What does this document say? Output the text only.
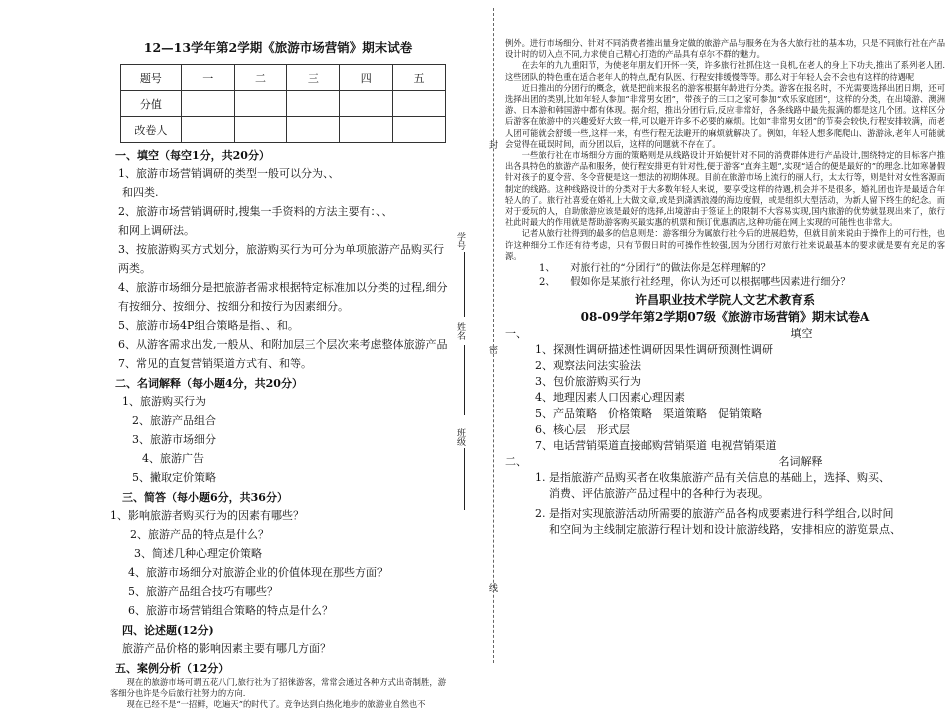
12—13学年第2学期《旅游市场营销》期末试卷
题号	一	二	三	四	五
分值					
改卷人					
一、填空（每空1分，共20分）
1、旅游市场营销调研的类型一般可以分为、、
和四类.
2、旅游市场营销调研时,搜集一手资料的方法主要有：、、
和网上调研法。
3、按旅游购买方式划分，旅游购买行为可分为单项旅游产品购买行
两类。
4、旅游市场细分是把旅游者需求根据特定标准加以分类的过程,细分
有按细分、按细分、按细分和按行为因素细分。
5、旅游市场4P组合策略是指、、和。
6、从游客需求出发,一般从、和附加层三个层次来考虑整体旅游产品
7、常见的直复营销渠道方式有、和等。
二、名词解释（每小题4分，共20分）
1、旅游购买行为
2、旅游产品组合
3、旅游市场细分
4、旅游广告
5、撇取定价策略
三、简答（每小题6分，共36分）
1、影响旅游者购买行为的因素有哪些？
2、旅游产品的特点是什么？
3、简述几种心理定价策略
4、旅游市场细分对旅游企业的价值体现在那些方面？
5、旅游产品组合技巧有哪些？
6、旅游市场营销组合策略的特点是什么？
四、论述题(12分)
旅游产品价格的影响因素主要有哪几方面？
五、案例分析（12分）
现在的旅游市场可谓五花八门,旅行社为了招徕游客，常常会通过各种方式出奇制胜，游客细分也许是今后旅行社努力的方向.
现在已经不是“一招鲜，吃遍天”的时代了。竞争达到白热化地步的旅游业自然也不
封
学号
姓名
密
班级
线
例外。进行市场细分、针对不同消费者推出量身定做的旅游产品与服务在为各大旅行社的基本功，只是不同旅行社在产品设计时的切入点不同,力求使自己精心打造的产品具有卓尔不群的魅力。
在去年的九九重阳节，为使老年朋友们开怀一笑，许多旅行社抓住这一良机,在老人的身上下功夫,推出了系列老人团.这些团队的特色重在适合老年人的特点,配有队医、行程安排缓慢等等。那么对于年轻人会不会也有这样的待遇呢
近日推出的分团行的概念，就是把前来报名的游客根据年龄进行分类。游客在报名时，不光需要选择出团日期，还可选择出团的类别,比如年轻人参加“非常男女团”，带孩子的三口之家可参加“欢乐家庭团”，这样的分类，在出境游、澳洲游、日本游和韩国游中都有体现。据介绍，推出分团行后,反应非常好，各条线路中最先报满的都是这几个团。这样区分后游客在旅游中的兴趣爱好大致一样,可以避开许多不必要的麻烦。比如“非常男女团”的节奏会较快,行程安排较满，而老人团可能就会舒缓一些,这样一来，有些行程无法避开的麻烦就解决了。例如，年轻人想多爬爬山、游游泳,老年人可能就会觉得在砥误时间，而分团以后，这样的问题就不存在了。
一些旅行社在市场细分方面的策略则是从线路设计开始便针对不同的消费群体进行产品设计,围绕特定的目标客户推出各具特色的旅游产品和服务，使行程安排更有针对性,便于游客“直奔主题”,实现“适合的便是最好的”的理念.比如寒暑假针对孩子的夏令营、冬令营便是这一想法的初期体现。目前在旅游市场上流行的丽人行，太太行等，则是针对女性客源而制定的线路。这种线路设计的分类对于大多数年轻人来说，要享受这样的待遇,机会并不是很多，婚礼团也许是最适合年轻人的了。旅行社喜爱在婚礼上大做文章,或是到潇洒浪漫的海边度假，或是组织大型活动，为新人留下终生的纪念。而对于爱玩的人，自助旅游应该是最好的选择,出境游由于签证上的限制不大容易实现,国内旅游的优势就显现出来了，旅行社此时最大的作用就是帮助游客购买最实惠的机票和预订优惠酒店,这种功能在网上实现的可能性也非常大。
记者从旅行社得到的最多的信息则是：游客细分为属旅行社今后的进展趋势，但就目前来说由于操作上的可行性，也许这种细分工作还有待考虑，只有节假日时的可操作性较强,因为分团行对旅行社来说最基本的要求就是要有充足的客源。
1、　　对旅行社的“分团行”的做法你是怎样理解的？
2、　　假如你是某旅行社经理，你认为还可以根据哪些因素进行细分？
许昌职业技术学院人文艺术教育系
08-09学年第2学期07级《旅游市场营销》期末试卷A
一、	填空
1、探测性调研描述性调研因果性调研预测性调研
2、观察法问法实验法
3、包价旅游购买行为
4、地理因素人口因素心理因素
5、产品策略　价格策略　渠道策略　促销策略
6、核心层　形式层
7、电话营销渠道直接邮购营销渠道 电视营销渠道
二、	名词解释
1. 是指旅游产品购买者在收集旅游产品有关信息的基础上，选择、购买、
消费、评估旅游产品过程中的各种行为表现。
2. 是指对实现旅游活动所需要的旅游产品各构成要素进行科学组合,以时间
和空间为主线制定旅游行程计划和设计旅游线路，安排相应的游览景点、
